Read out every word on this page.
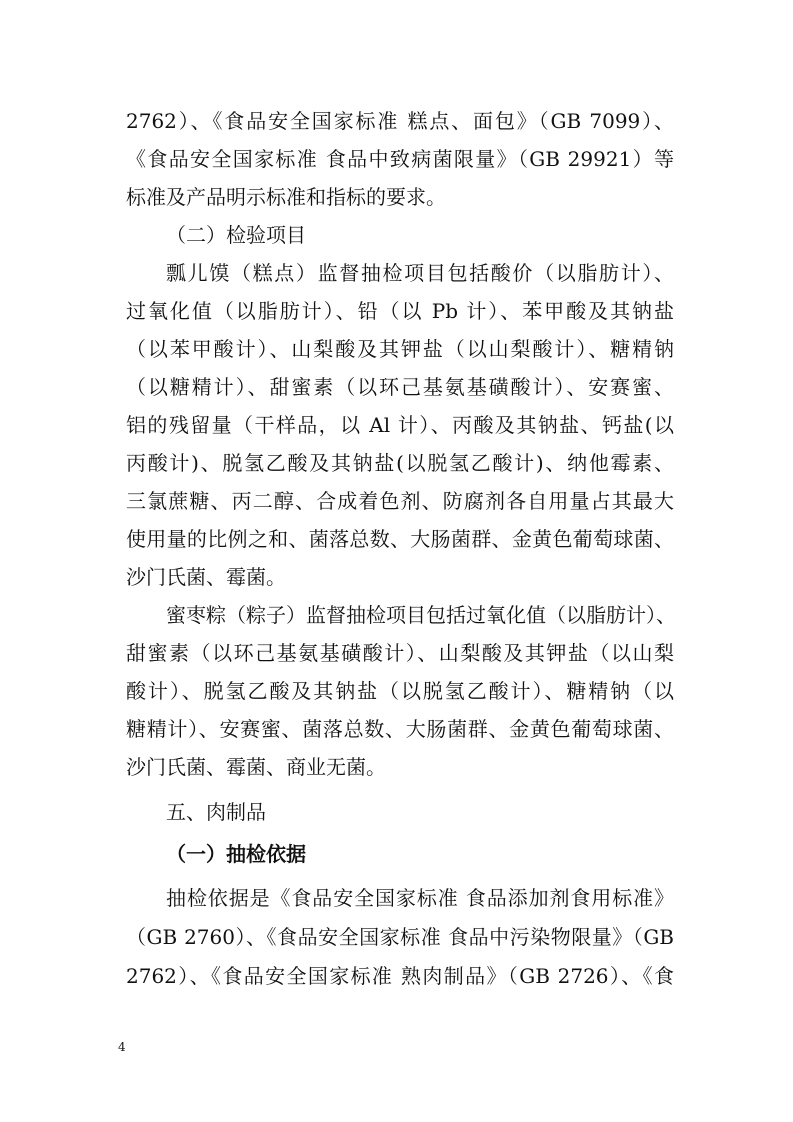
2762）、《食品安全国家标准 糕点、面包》（GB 7099）、
《食品安全国家标准 食品中致病菌限量》（GB 29921）等
标准及产品明示标准和指标的要求。
（二）检验项目
瓢儿馍（糕点）监督抽检项目包括酸价（以脂肪计）、
过氧化值（以脂肪计）、铅（以 Pb 计）、苯甲酸及其钠盐
（以苯甲酸计）、山梨酸及其钾盐（以山梨酸计）、糖精钠
（以糖精计）、甜蜜素（以环己基氨基磺酸计）、安赛蜜、
铝的残留量（干样品，以 Al 计）、丙酸及其钠盐、钙盐(以
丙酸计)、脱氢乙酸及其钠盐(以脱氢乙酸计)、纳他霉素、
三氯蔗糖、丙二醇、合成着色剂、防腐剂各自用量占其最大
使用量的比例之和、菌落总数、大肠菌群、金黄色葡萄球菌、
沙门氏菌、霉菌。
蜜枣粽（粽子）监督抽检项目包括过氧化值（以脂肪计）、
甜蜜素（以环己基氨基磺酸计）、山梨酸及其钾盐（以山梨
酸计）、脱氢乙酸及其钠盐（以脱氢乙酸计）、糖精钠（以
糖精计）、安赛蜜、菌落总数、大肠菌群、金黄色葡萄球菌、
沙门氏菌、霉菌、商业无菌。
五、肉制品
（一）抽检依据
抽检依据是《食品安全国家标准 食品添加剂食用标准》
（GB 2760）、《食品安全国家标准 食品中污染物限量》（GB
2762）、《食品安全国家标准 熟肉制品》（GB 2726）、《食
4
